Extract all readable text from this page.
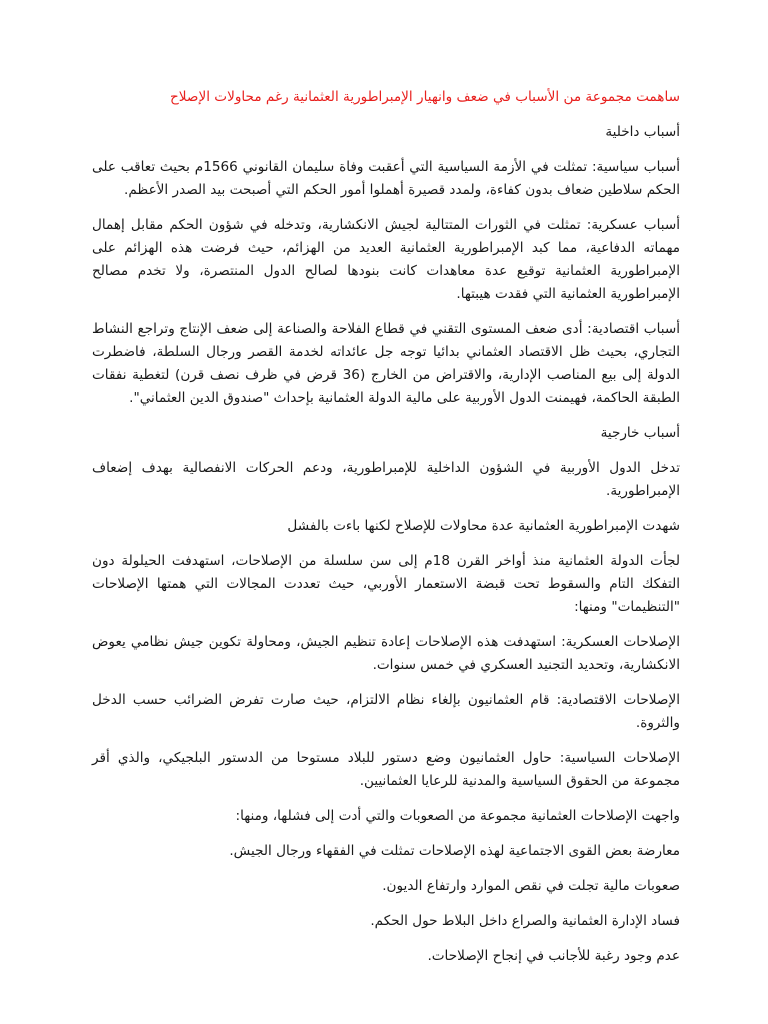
ساهمت مجموعة من الأسباب في ضعف وانهيار الإمبراطورية العثمانية رغم محاولات الإصلاح

أسباب داخلية

أسباب سياسية: تمثلت في الأزمة السياسية التي أعقبت وفاة سليمان القانوني 1566م بحيث تعاقب على الحكم سلاطين ضعاف بدون كفاءة، ولمدد قصيرة أهملوا أمور الحكم التي أصبحت بيد الصدر الأعظم.

أسباب عسكرية: تمثلت في الثورات المتتالية لجيش الانكشارية، وتدخله في شؤون الحكم مقابل إهمال مهماته الدفاعية، مما كبد الإمبراطورية العثمانية العديد من الهزائم، حيث فرضت هذه الهزائم على الإمبراطورية العثمانية توقيع عدة معاهدات كانت بنودها لصالح الدول المنتصرة، ولا تخدم مصالح الإمبراطورية العثمانية التي فقدت هيبتها.

أسباب اقتصادية: أدى ضعف المستوى التقني في قطاع الفلاحة والصناعة إلى ضعف الإنتاج وتراجع النشاط التجاري، بحيث ظل الاقتصاد العثماني بدائيا توجه جل عائداته لخدمة القصر ورجال السلطة، فاضطرت الدولة إلى بيع المناصب الإدارية، والاقتراض من الخارج (36 قرض في ظرف نصف قرن) لتغطية نفقات الطبقة الحاكمة، فهيمنت الدول الأوربية على مالية الدولة العثمانية بإحداث "صندوق الدين العثماني".

أسباب خارجية

تدخل الدول الأوربية في الشؤون الداخلية للإمبراطورية، ودعم الحركات الانفصالية بهدف إضعاف الإمبراطورية.

شهدت الإمبراطورية العثمانية عدة محاولات للإصلاح لكنها باءت بالفشل

لجأت الدولة العثمانية منذ أواخر القرن 18م إلى سن سلسلة من الإصلاحات، استهدفت الحيلولة دون التفكك التام والسقوط تحت قبضة الاستعمار الأوربي، حيث تعددت المجالات التي همتها الإصلاحات "التنظيمات" ومنها:

الإصلاحات العسكرية: استهدفت هذه الإصلاحات إعادة تنظيم الجيش، ومحاولة تكوين جيش نظامي يعوض الانكشارية، وتحديد التجنيد العسكري في خمس سنوات.

الإصلاحات الاقتصادية: قام العثمانيون بإلغاء نظام الالتزام، حيث صارت تفرض الضرائب حسب الدخل والثروة.

الإصلاحات السياسية: حاول العثمانيون وضع دستور للبلاد مستوحا من الدستور البلجيكي، والذي أقر مجموعة من الحقوق السياسية والمدنية للرعايا العثمانيين.

واجهت الإصلاحات العثمانية مجموعة من الصعوبات والتي أدت إلى فشلها، ومنها:

معارضة بعض القوى الاجتماعية لهذه الإصلاحات تمثلت في الفقهاء ورجال الجيش.

صعوبات مالية تجلت في نقص الموارد وارتفاع الديون.

فساد الإدارة العثمانية والصراع داخل البلاط حول الحكم.

عدم وجود رغبة للأجانب في إنجاح الإصلاحات.
